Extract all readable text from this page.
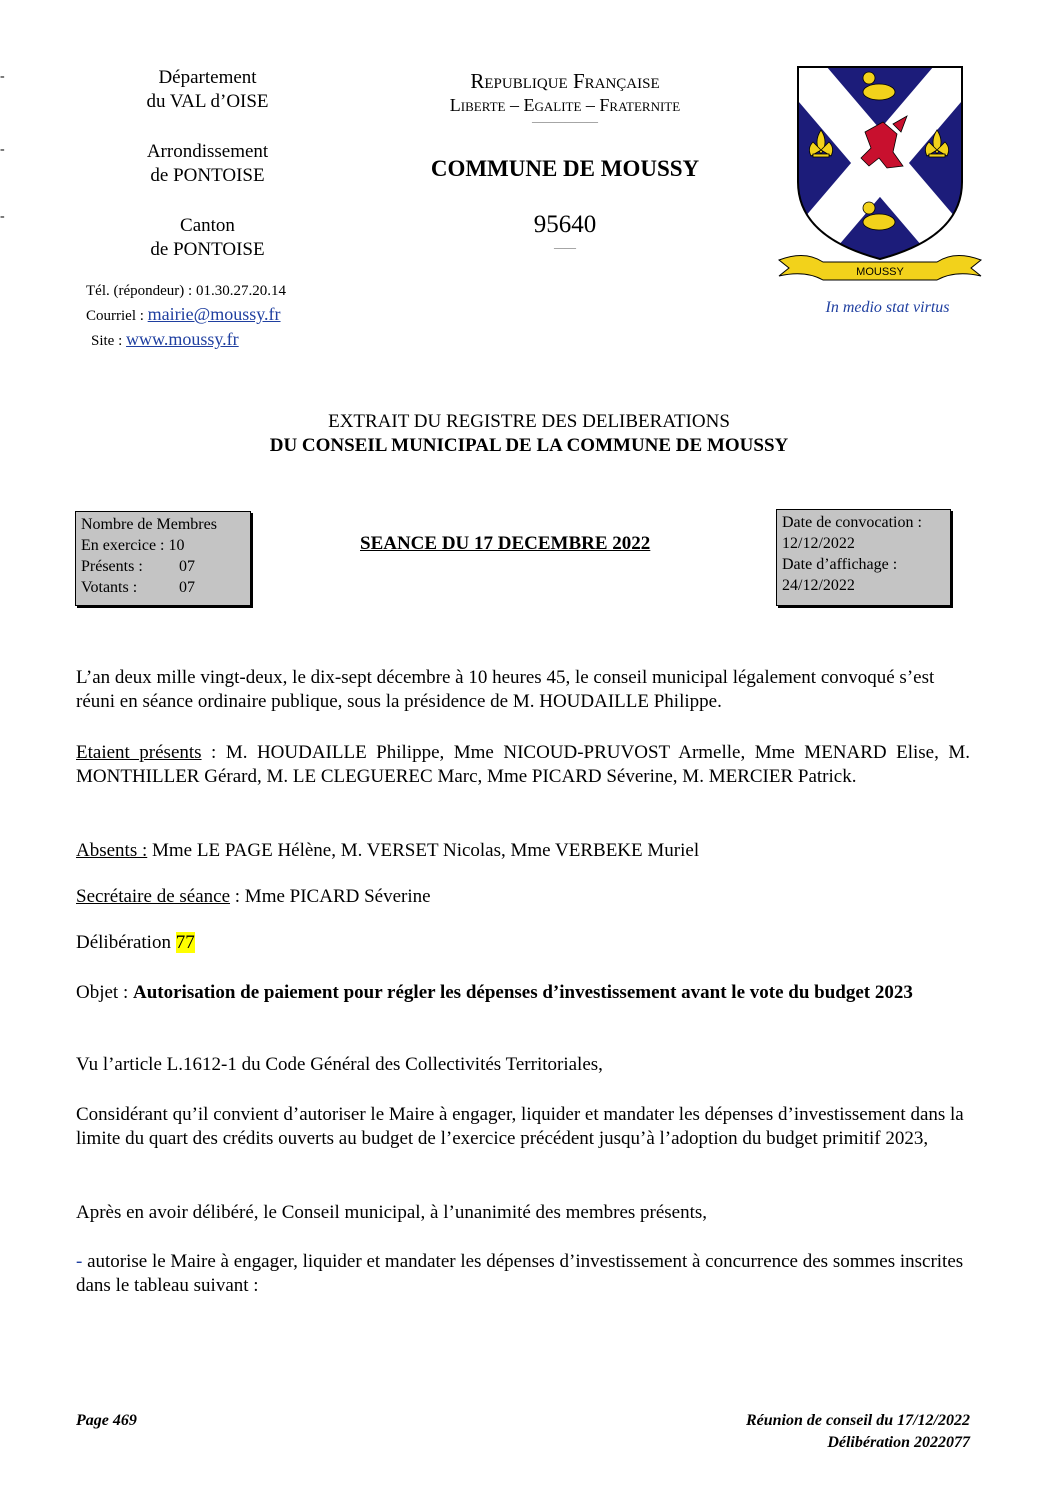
-
-
-
Département
du VAL d’OISE
Arrondissement
de PONTOISE
Canton
de PONTOISE
Tél. (répondeur) : 01.30.27.20.14
Courriel : mairie@moussy.fr
Site : www.moussy.fr
Republique Française
Liberte – Egalite – Fraternite
——————
COMMUNE DE MOUSSY
95640
——
MOUSSY
In medio stat virtus
EXTRAIT DU REGISTRE DES DELIBERATIONS
DU CONSEIL MUNICIPAL DE LA COMMUNE DE MOUSSY
Nombre de Membres
En exercice : 10
Présents : 07
Votants :	07
SEANCE DU 17 DECEMBRE 2022
Date de convocation :
12/12/2022
Date d’affichage :
24/12/2022
L’an deux mille vingt-deux, le dix-sept décembre à 10 heures 45, le conseil municipal légalement convoqué s’est réuni en séance ordinaire publique, sous la présidence de M. HOUDAILLE Philippe.
Etaient présents : M. HOUDAILLE Philippe, Mme NICOUD-PRUVOST Armelle, Mme MENARD Elise, M. MONTHILLER Gérard, M. LE CLEGUEREC Marc, Mme PICARD Séverine, M. MERCIER Patrick.
Absents : Mme LE PAGE Hélène, M. VERSET Nicolas, Mme VERBEKE Muriel
Secrétaire de séance : Mme PICARD Séverine
Délibération 77
Objet : Autorisation de paiement pour régler les dépenses d’investissement avant le vote du budget 2023
Vu l’article L.1612-1 du Code Général des Collectivités Territoriales,
Considérant qu’il convient d’autoriser le Maire à engager, liquider et mandater les dépenses d’investissement dans la limite du quart des crédits ouverts au budget de l’exercice précédent jusqu’à l’adoption du budget primitif 2023,
Après en avoir délibéré, le Conseil municipal, à l’unanimité des membres présents,
- autorise le Maire à engager, liquider et mandater les dépenses d’investissement à concurrence des sommes inscrites dans le tableau suivant :
Page 469	Réunion de conseil du 17/12/2022
Délibération 2022077
